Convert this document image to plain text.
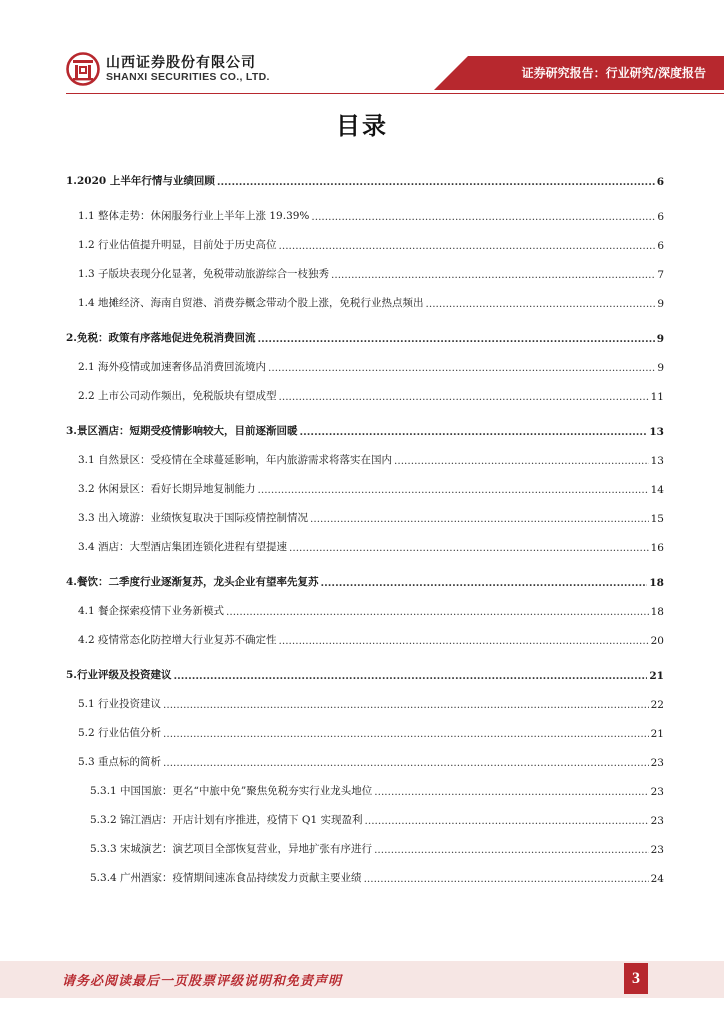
山西证券股份有限公司
SHANXI SECURITIES CO., LTD.	证券研究报告：行业研究/深度报告
目录
1.2020 上半年行情与业绩回顾 .....	6
1.1 整体走势：休闲服务行业上半年上涨 19.39% .....	6
1.2 行业估值提升明显，目前处于历史高位 .....	6
1.3 子版块表现分化显著，免税带动旅游综合一枝独秀 .....	7
1.4 地摊经济、海南自贸港、消费券概念带动个股上涨，免税行业热点频出 .....	9
2.免税：政策有序落地促进免税消费回流 .....	9
2.1 海外疫情或加速奢侈品消费回流境内 .....	9
2.2 上市公司动作频出，免税版块有望成型 .....	11
3.景区酒店：短期受疫情影响较大，目前逐渐回暖 .....	13
3.1 自然景区：受疫情在全球蔓延影响，年内旅游需求将落实在国内 .....	13
3.2 休闲景区：看好长期异地复制能力 .....	14
3.3 出入境游：业绩恢复取决于国际疫情控制情况 .....	15
3.4 酒店：大型酒店集团连锁化进程有望提速 .....	16
4.餐饮：二季度行业逐渐复苏，龙头企业有望率先复苏 .....	18
4.1 餐企探索疫情下业务新模式 .....	18
4.2 疫情常态化防控增大行业复苏不确定性 .....	20
5.行业评级及投资建议 .....	21
5.1 行业投资建议 .....	22
5.2 行业估值分析 .....	21
5.3 重点标的简析 .....	23
5.3.1 中国国旅：更名“中旅中免”聚焦免税夯实行业龙头地位 .....	23
5.3.2 锦江酒店：开店计划有序推进，疫情下 Q1 实现盈利 .....	23
5.3.3 宋城演艺：演艺项目全部恢复营业，异地扩张有序进行 .....	23
5.3.4 广州酒家：疫情期间速冻食品持续发力贡献主要业绩 .....	24
请务必阅读最后一页股票评级说明和免责声明	3
